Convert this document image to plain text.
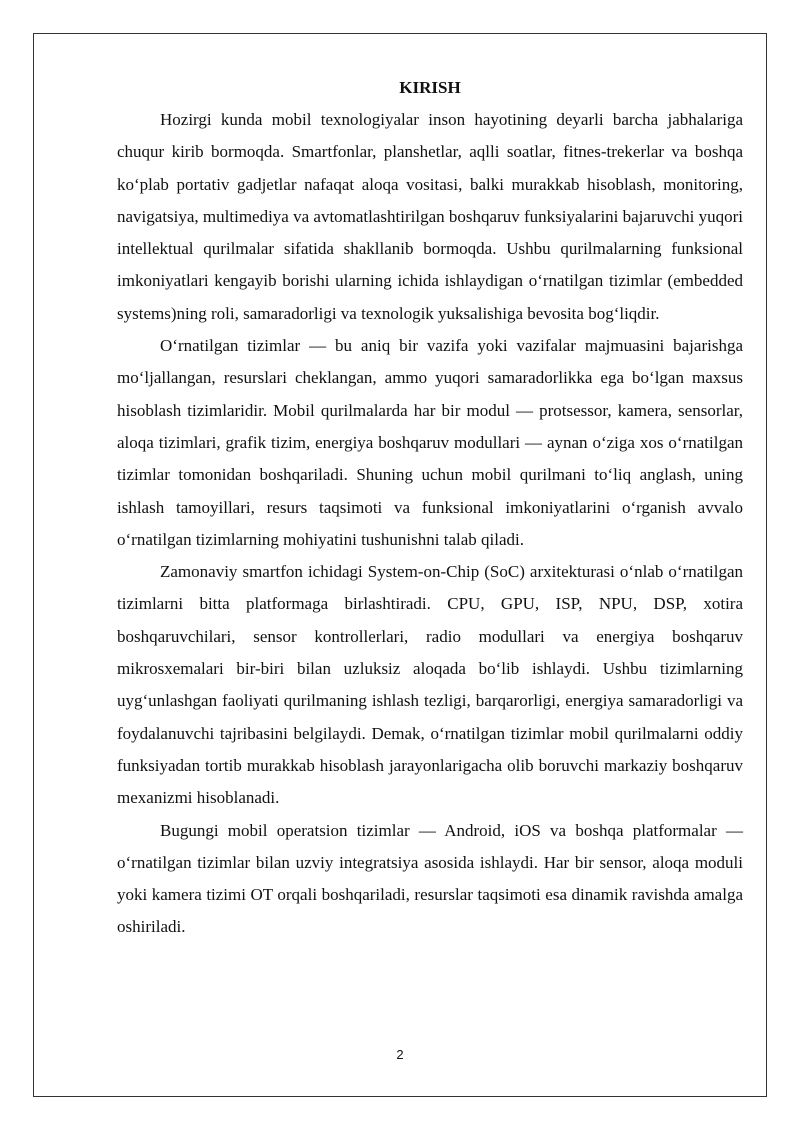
KIRISH

Hozirgi kunda mobil texnologiyalar inson hayotining deyarli barcha jabhalariga chuqur kirib bormoqda. Smartfonlar, planshetlar, aqlli soatlar, fitnes-trekerlar va boshqa ko‘plab portativ gadjetlar nafaqat aloqa vositasi, balki murakkab hisoblash, monitoring, navigatsiya, multimediya va avtomatlashtirilgan boshqaruv funksiyalarini bajaruvchi yuqori intellektual qurilmalar sifatida shakllanib bormoqda. Ushbu qurilmalarning funksional imkoniyatlari kengayib borishi ularning ichida ishlaydigan o‘rnatilgan tizimlar (embedded systems)ning roli, samaradorligi va texnologik yuksalishiga bevosita bog‘liqdir.

O‘rnatilgan tizimlar — bu aniq bir vazifa yoki vazifalar majmuasini bajarishga mo‘ljallangan, resurslari cheklangan, ammo yuqori samaradorlikka ega bo‘lgan maxsus hisoblash tizimlaridir. Mobil qurilmalarda har bir modul — protsessor, kamera, sensorlar, aloqa tizimlari, grafik tizim, energiya boshqaruv modullari — aynan o‘ziga xos o‘rnatilgan tizimlar tomonidan boshqariladi. Shuning uchun mobil qurilmani to‘liq anglash, uning ishlash tamoyillari, resurs taqsimoti va funksional imkoniyatlarini o‘rganish avvalo o‘rnatilgan tizimlarning mohiyatini tushunishni talab qiladi.

Zamonaviy smartfon ichidagi System-on-Chip (SoC) arxitekturasi o‘nlab o‘rnatilgan tizimlarni bitta platformaga birlashtiradi. CPU, GPU, ISP, NPU, DSP, xotira boshqaruvchilari, sensor kontrollerlari, radio modullari va energiya boshqaruv mikrosxemalari bir-biri bilan uzluksiz aloqada bo‘lib ishlaydi. Ushbu tizimlarning uyg‘unlashgan faoliyati qurilmaning ishlash tezligi, barqarorligi, energiya samaradorligi va foydalanuvchi tajribasini belgilaydi. Demak, o‘rnatilgan tizimlar mobil qurilmalarni oddiy funksiyadan tortib murakkab hisoblash jarayonlarigacha olib boruvchi markaziy boshqaruv mexanizmi hisoblanadi.

Bugungi mobil operatsion tizimlar — Android, iOS va boshqa platformalar — o‘rnatilgan tizimlar bilan uzviy integratsiya asosida ishlaydi. Har bir sensor, aloqa moduli yoki kamera tizimi OT orqali boshqariladi, resurslar taqsimoti esa dinamik ravishda amalga oshiriladi.

2
